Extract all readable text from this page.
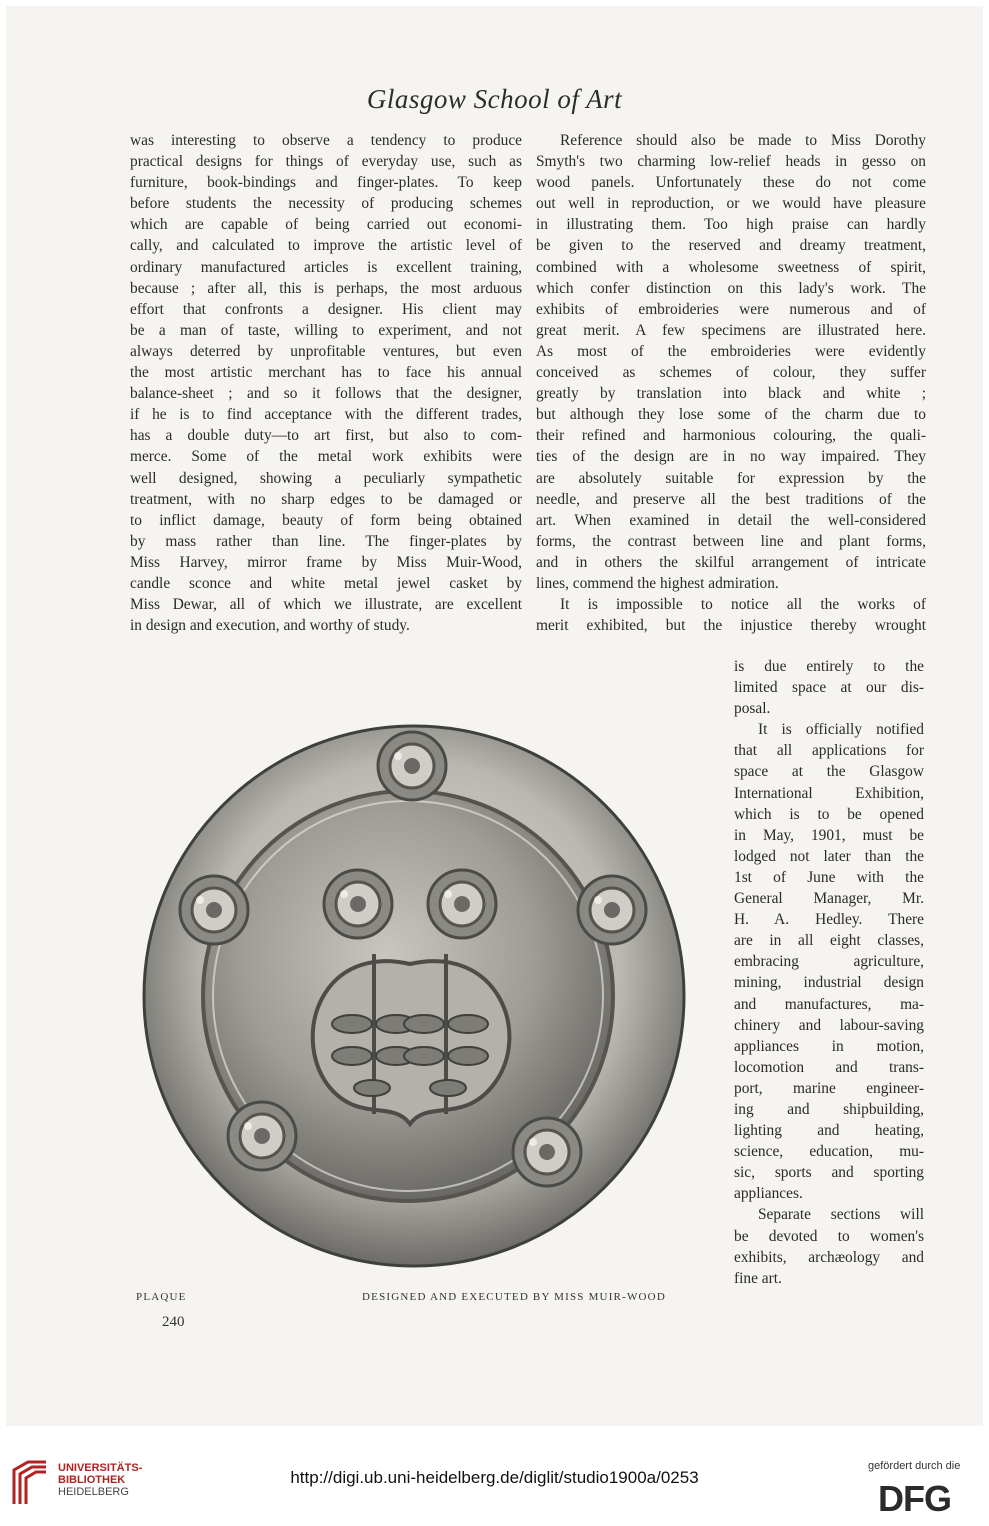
Glasgow School of Art

was interesting to observe a tendency to produce

practical designs for things of everyday use, such as

furniture, book-bindings and finger-plates. To keep

before students the necessity of producing schemes

which are capable of being carried out economi-

cally, and calculated to improve the artistic level of

ordinary manufactured articles is excellent training,

because ; after all, this is perhaps, the most arduous

effort that confronts a designer. His client may

be a man of taste, willing to experiment, and not

always deterred by unprofitable ventures, but even

the most artistic merchant has to face his annual

balance-sheet ; and so it follows that the designer,

if he is to find acceptance with the different trades,

has a double duty—to art first, but also to com-

merce. Some of the metal work exhibits were

well designed, showing a peculiarly sympathetic

treatment, with no sharp edges to be damaged or

to inflict damage, beauty of form being obtained

by mass rather than line. The finger-plates by

Miss Harvey, mirror frame by Miss Muir-Wood,

candle sconce and white metal jewel casket by

Miss Dewar, all of which we illustrate, are excellent

in design and execution, and worthy of study.

Reference should also be made to Miss Dorothy

Smyth's two charming low-relief heads in gesso on

wood panels. Unfortunately these do not come

out well in reproduction, or we would have pleasure

in illustrating them. Too high praise can hardly

be given to the reserved and dreamy treatment,

combined with a wholesome sweetness of spirit,

which confer distinction on this lady's work. The

exhibits of embroideries were numerous and of

great merit. A few specimens are illustrated here.

As most of the embroideries were evidently

conceived as schemes of colour, they suffer

greatly by translation into black and white ;

but although they lose some of the charm due to

their refined and harmonious colouring, the quali-

ties of the design are in no way impaired. They

are absolutely suitable for expression by the

needle, and preserve all the best traditions of the

art. When examined in detail the well-considered

forms, the contrast between line and plant forms,

and in others the skilful arrangement of intricate

lines, commend the highest admiration.

It is impossible to notice all the works of

merit exhibited, but the injustice thereby wrought

is due entirely to the

limited space at our dis-

posal.

It is officially notified

that all applications for

space at the Glasgow

International Exhibition,

which is to be opened

in May, 1901, must be

lodged not later than the

1st of June with the

General Manager, Mr.

H. A. Hedley. There

are in all eight classes,

embracing agriculture,

mining, industrial design

and manufactures, ma-

chinery and labour-saving

appliances in motion,

locomotion and trans-

port, marine engineer-

ing and shipbuilding,

lighting and heating,

science, education, mu-

sic, sports and sporting

appliances.

Separate sections will

be devoted to women's

exhibits, archæology and

fine art.

PLAQUE	DESIGNED AND EXECUTED BY MISS MUIR-WOOD
240
UNIVERSITÄTS-
BIBLIOTHEK
HEIDELBERG
http://digi.ub.uni-heidelberg.de/diglit/studio1900a/0253
gefördert durch die
DFG
